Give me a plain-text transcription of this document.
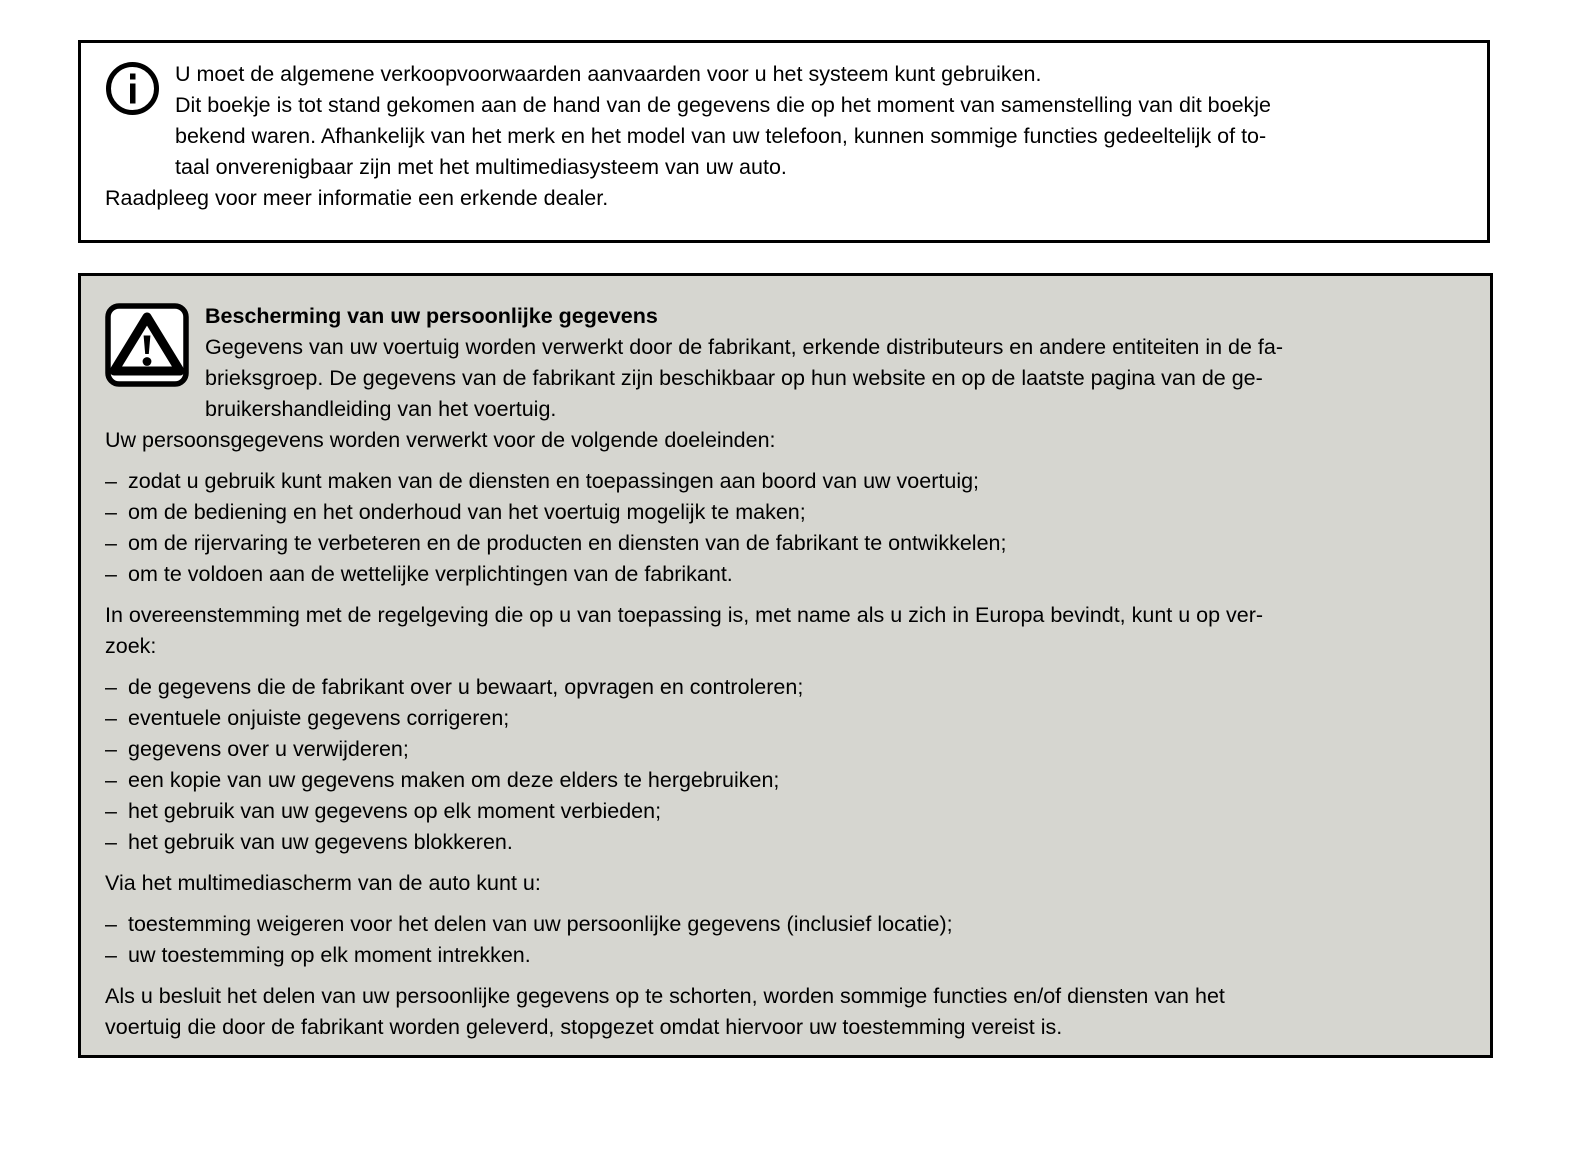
U moet de algemene verkoopvoorwaarden aanvaarden voor u het systeem kunt gebruiken.
Dit boekje is tot stand gekomen aan de hand van de gegevens die op het moment van samenstelling van dit boekje
bekend waren. Afhankelijk van het merk en het model van uw telefoon, kunnen sommige functies gedeeltelijk of to-
taal onverenigbaar zijn met het multimediasysteem van uw auto.
Raadpleeg voor meer informatie een erkende dealer.
Bescherming van uw persoonlijke gegevens
Gegevens van uw voertuig worden verwerkt door de fabrikant, erkende distributeurs en andere entiteiten in de fa-
brieksgroep. De gegevens van de fabrikant zijn beschikbaar op hun website en op de laatste pagina van de ge-
bruikershandleiding van het voertuig.
Uw persoonsgegevens worden verwerkt voor de volgende doeleinden:
– zodat u gebruik kunt maken van de diensten en toepassingen aan boord van uw voertuig;
– om de bediening en het onderhoud van het voertuig mogelijk te maken;
– om de rijervaring te verbeteren en de producten en diensten van de fabrikant te ontwikkelen;
– om te voldoen aan de wettelijke verplichtingen van de fabrikant.
In overeenstemming met de regelgeving die op u van toepassing is, met name als u zich in Europa bevindt, kunt u op ver-
zoek:
– de gegevens die de fabrikant over u bewaart, opvragen en controleren;
– eventuele onjuiste gegevens corrigeren;
– gegevens over u verwijderen;
– een kopie van uw gegevens maken om deze elders te hergebruiken;
– het gebruik van uw gegevens op elk moment verbieden;
– het gebruik van uw gegevens blokkeren.
Via het multimediascherm van de auto kunt u:
– toestemming weigeren voor het delen van uw persoonlijke gegevens (inclusief locatie);
– uw toestemming op elk moment intrekken.
Als u besluit het delen van uw persoonlijke gegevens op te schorten, worden sommige functies en/of diensten van het
voertuig die door de fabrikant worden geleverd, stopgezet omdat hiervoor uw toestemming vereist is.
